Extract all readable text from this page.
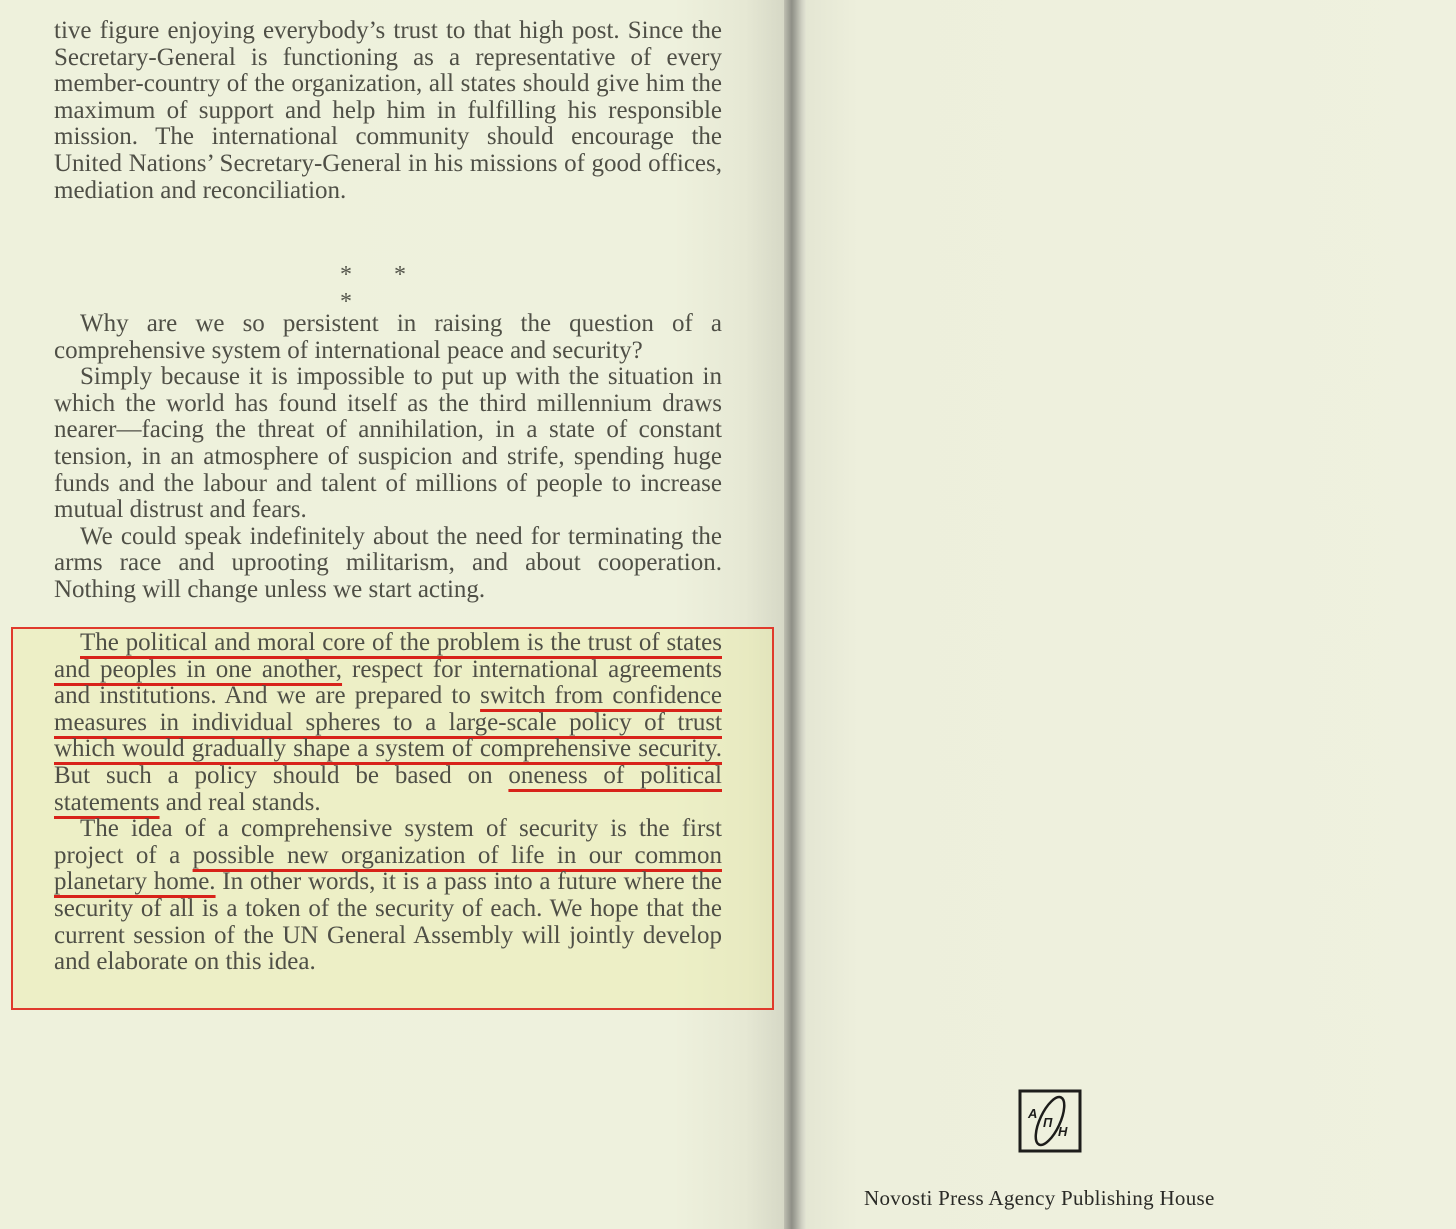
tive figure enjoying everybody’s trust to that high post. Since the Secretary-General is functioning as a representative of every member-country of the organization, all states should give him the maximum of support and help him in fulfilling his responsible mission. The international community should encourage the United Nations’ Secretary-General in his missions of good offices, mediation and reconciliation.

* * *

Why are we so persistent in raising the question of a comprehensive system of international peace and security?

Simply because it is impossible to put up with the situation in which the world has found itself as the third millennium draws nearer—facing the threat of annihilation, in a state of constant tension, in an atmosphere of suspicion and strife, spending huge funds and the labour and talent of millions of people to increase mutual distrust and fears.

We could speak indefinitely about the need for terminating the arms race and uprooting militarism, and about cooperation. Nothing will change unless we start acting.

The political and moral core of the problem is the trust of states and peoples in one another, respect for international agreements and institutions. And we are prepared to switch from confidence measures in individual spheres to a large-scale policy of trust which would gradually shape a system of comprehensive security. But such a policy should be based on oneness of political statements and real stands.

The idea of a comprehensive system of security is the first project of a possible new organization of life in our common planetary home. In other words, it is a pass into a future where the security of all is a token of the security of each. We hope that the current session of the UN General Assembly will jointly develop and elaborate on this idea.

A
П
Н
Novosti Press Agency Publishing House
